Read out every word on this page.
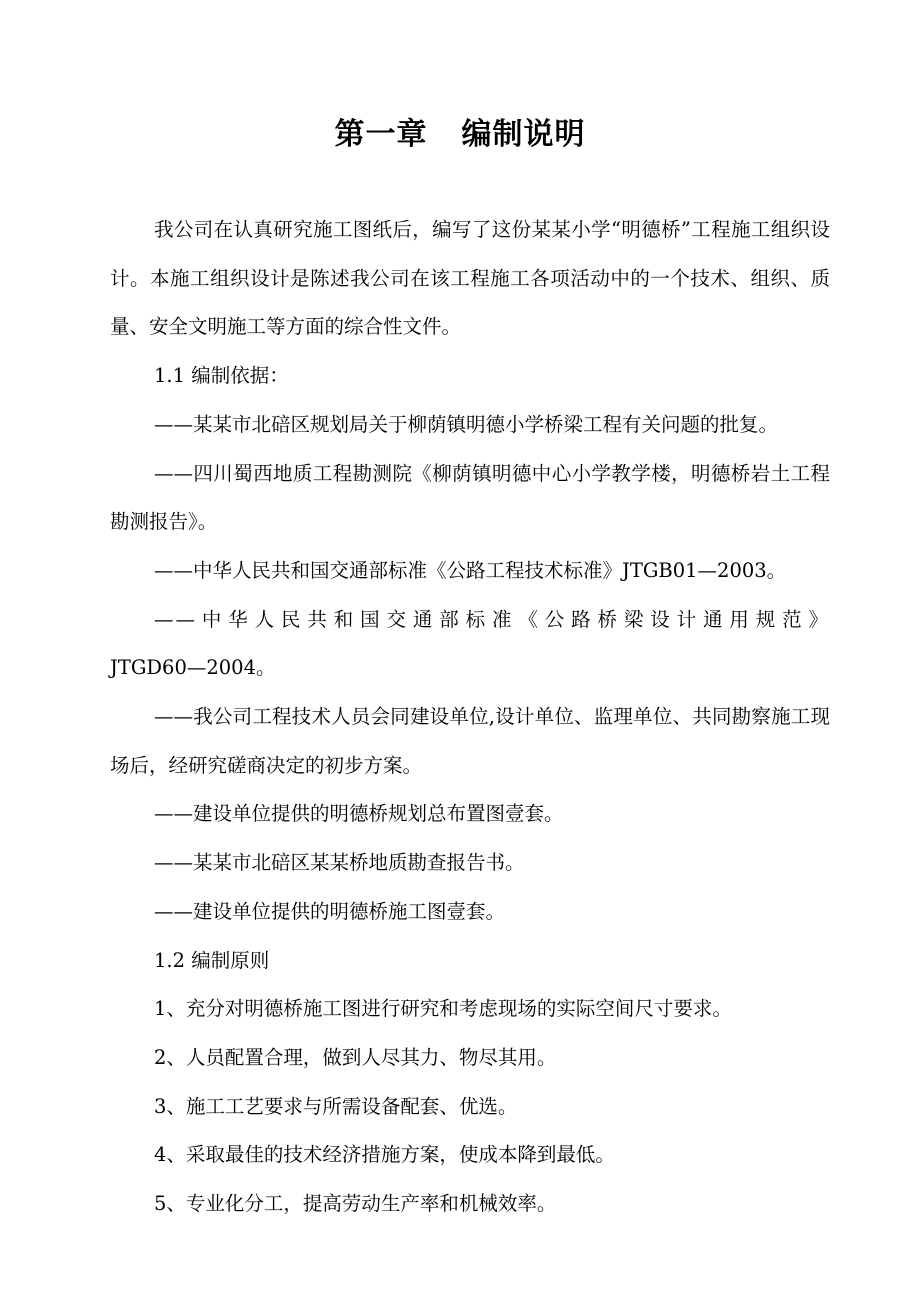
第一章 编制说明

我公司在认真研究施工图纸后，编写了这份某某小学“明德桥”工程施工组织设计。本施工组织设计是陈述我公司在该工程施工各项活动中的一个技术、组织、质量、安全文明施工等方面的综合性文件。

1.1 编制依据：

——某某市北碚区规划局关于柳荫镇明德小学桥梁工程有关问题的批复。

——四川蜀西地质工程勘测院《柳荫镇明德中心小学教学楼，明德桥岩土工程勘测报告》。

——中华人民共和国交通部标准《公路工程技术标准》JTGB01—2003。

——中华人民共和国交通部标准《公路桥梁设计通用规范》

JTGD60—2004。

——我公司工程技术人员会同建设单位,设计单位、监理单位、共同勘察施工现场后，经研究磋商决定的初步方案。

——建设单位提供的明德桥规划总布置图壹套。

——某某市北碚区某某桥地质勘查报告书。

——建设单位提供的明德桥施工图壹套。

1.2 编制原则

1、充分对明德桥施工图进行研究和考虑现场的实际空间尺寸要求。

2、人员配置合理，做到人尽其力、物尽其用。

3、施工工艺要求与所需设备配套、优选。

4、采取最佳的技术经济措施方案，使成本降到最低。

5、专业化分工，提高劳动生产率和机械效率。
